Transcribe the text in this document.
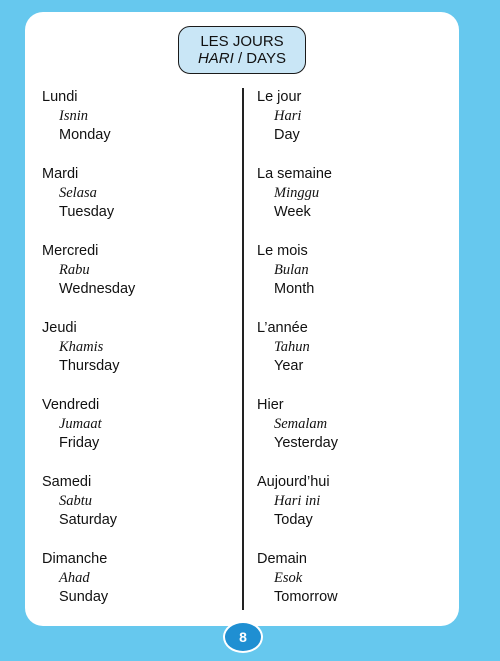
LES JOURS
HARI / DAYS
Lundi
Isnin
Monday
Mardi
Selasa
Tuesday
Mercredi
Rabu
Wednesday
Jeudi
Khamis
Thursday
Vendredi
Jumaat
Friday
Samedi
Sabtu
Saturday
Dimanche
Ahad
Sunday
Le jour
Hari
Day
La semaine
Minggu
Week
Le mois
Bulan
Month
L’année
Tahun
Year
Hier
Semalam
Yesterday
Aujourd’hui
Hari ini
Today
Demain
Esok
Tomorrow
8
